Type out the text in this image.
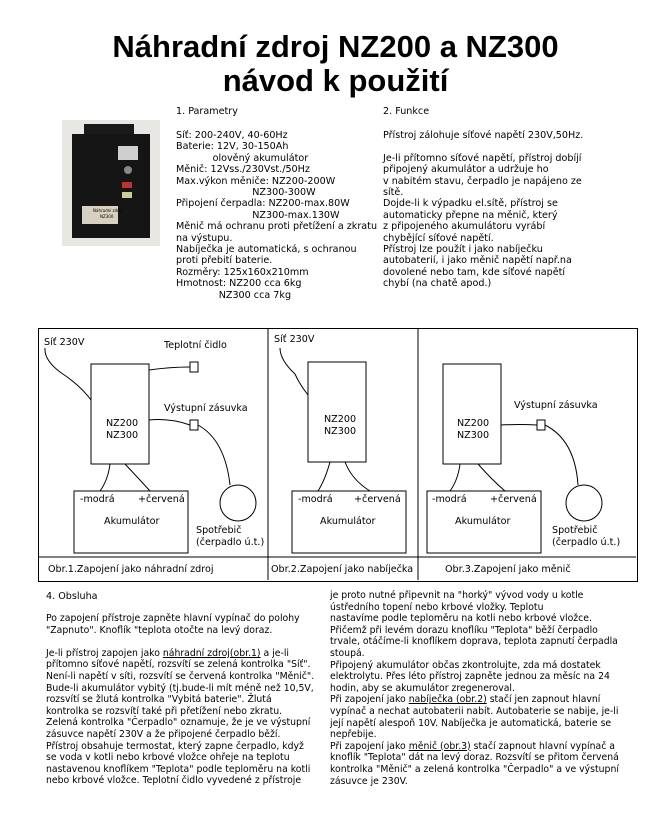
Náhradní zdroj NZ200 a NZ300
návod k použití
Náhradní zdroj
NZ300
1. Parametry
Síť: 200-240V, 40-60Hz
Baterie: 12V, 30-150Ah
olověný akumulátor
Měnič: 12Vss./230Vst./50Hz
Max.výkon měniče: NZ200-200W
NZ300-300W
Připojení čerpadla: NZ200-max.80W
NZ300-max.130W
Měnič má ochranu proti přetížení a zkratu
na výstupu.
Nabíječka je automatická, s ochranou
proti přebití baterie.
Rozměry: 125x160x210mm
Hmotnost: NZ200 cca 6kg
NZ300 cca 7kg
2. Funkce
Přístroj zálohuje síťové napětí 230V,50Hz.

Je-li přítomno síťové napětí, přístroj dobíjí
připojený akumulátor a udržuje ho
v nabitém stavu, čerpadlo je napájeno ze
sítě.
Dojde-li k výpadku el.sítě, přístroj se
automaticky přepne na měnič, který
z připojeného akumulátoru vyrábí
chybějící síťové napětí.
Přístroj lze použít i jako nabíječku
autobaterií, i jako měnič napětí např.na
dovolené nebo tam, kde síťové napětí
chybí (na chatě apod.)
Síť 230V	Teplotní čidlo
Výstupní zásuvka
NZ200
NZ300
-modrá +červená
Akumulátor
Spotřebič
(čerpadlo ú.t.)
Obr.1.Zapojení jako náhradní zdroj
Síť 230V
NZ200
NZ300
-modrá +červená
Akumulátor
Obr.2.Zapojení jako nabíječka
Výstupní zásuvka
NZ200
NZ300
-modrá +červená
Akumulátor
Spotřebič
(čerpadlo ú.t.)
Obr.3.Zapojení jako měnič
4. Obsluha
Po zapojení přístroje zapněte hlavní vypínač do polohy
"Zapnuto". Knoflík "teplota otočte na levý doraz.

Je-li přístroj zapojen jako náhradní zdroj(obr.1) a je-li
přítomno síťové napětí, rozsvítí se zelená kontrolka "Síť".
Není-li napětí v síti, rozsvítí se červená kontrolka "Měnič".
Bude-li akumulátor vybitý (tj.bude-li mít méně než 10,5V,
rozsvítí se žlutá kontrolka "Vybitá baterie". Žlutá
kontrolka se rozsvítí také při přetížení nebo zkratu.
Zelená kontrolka "Čerpadlo" oznamuje, že je ve výstupní
zásuvce napětí 230V a že připojené čerpadlo běží.
Přístroj obsahuje termostat, který zapne čerpadlo, když
se voda v kotli nebo krbové vložce ohřeje na teplotu
nastavenou knoflíkem "Teplota" podle teploměru na kotli
nebo krbové vložce. Teplotní čidlo vyvedené z přístroje
je proto nutné připevnit na "horký" vývod vody u kotle
ústředního topení nebo krbové vložky. Teplotu
nastavíme podle teploměru na kotli nebo krbové vložce.
Přičemž při levém dorazu knoflíku "Teplota" běží čerpadlo
trvale, otáčíme-li knoflíkem doprava, teplota zapnutí čerpadla
stoupá.
Připojený akumulátor občas zkontrolujte, zda má dostatek
elektrolytu. Přes léto přístroj zapněte jednou za měsíc na 24
hodin, aby se akumulátor zregeneroval.
Při zapojení jako nabíječka (obr.2) stačí jen zapnout hlavní
vypínač a nechat autobaterii nabít. Autobaterie se nabije, je-li
její napětí alespoň 10V. Nabíječka je automatická, baterie se
nepřebije.
Při zapojení jako měnič (obr.3) stačí zapnout hlavní vypínač a
knoflík "Teplota" dát na levý doraz. Rozsvítí se přitom červená
kontrolka "Měnič" a zelená kontrolka "Čerpadlo" a ve výstupní
zásuvce je 230V.
